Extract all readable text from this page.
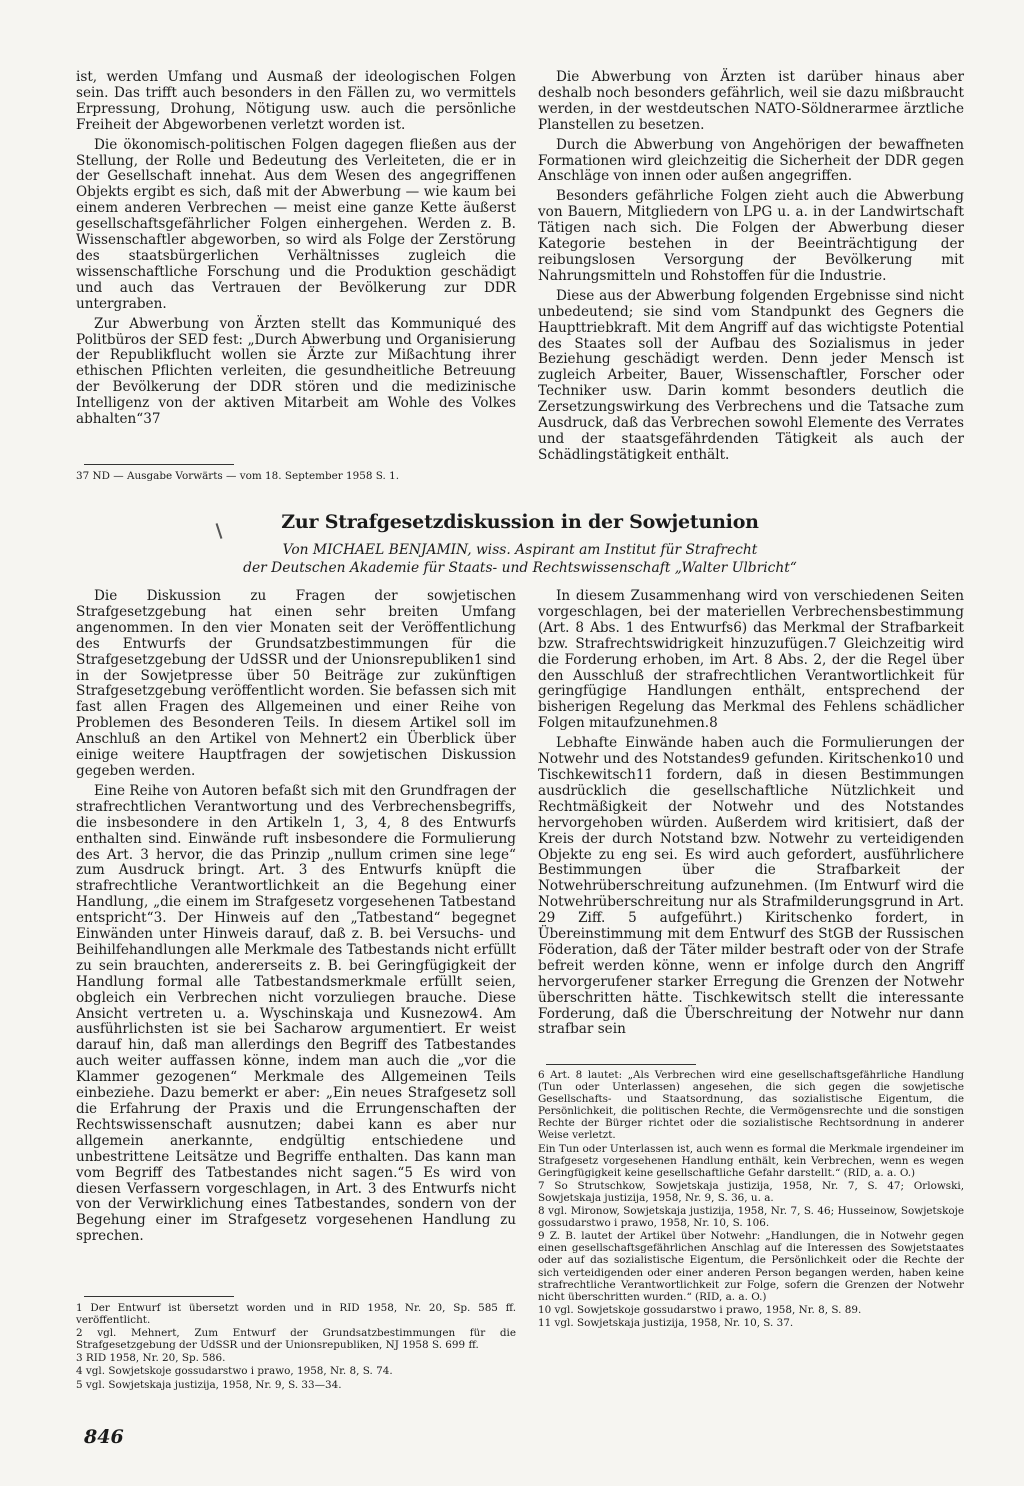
ist, werden Umfang und Ausmaß der ideologischen Folgen sein. Das trifft auch besonders in den Fällen zu, wo vermittels Erpressung, Drohung, Nötigung usw. auch die persönliche Freiheit der Abgeworbenen verletzt worden ist.

Die ökonomisch-politischen Folgen dagegen fließen aus der Stellung, der Rolle und Bedeutung des Verleiteten, die er in der Gesellschaft innehat. Aus dem Wesen des angegriffenen Objekts ergibt es sich, daß mit der Abwerbung — wie kaum bei einem anderen Verbrechen — meist eine ganze Kette äußerst gesellschaftsgefährlicher Folgen einhergehen. Werden z. B. Wissenschaftler abgeworben, so wird als Folge der Zerstörung des staatsbürgerlichen Verhältnisses zugleich die wissenschaftliche Forschung und die Produktion geschädigt und auch das Vertrauen der Bevölkerung zur DDR untergraben.

Zur Abwerbung von Ärzten stellt das Kommuniqué des Politbüros der SED fest: „Durch Abwerbung und Organisierung der Republikflucht wollen sie Ärzte zur Mißachtung ihrer ethischen Pflichten verleiten, die gesundheitliche Betreuung der Bevölkerung der DDR stören und die medizinische Intelligenz von der aktiven Mitarbeit am Wohle des Volkes abhalten“37

37 ND — Ausgabe Vorwärts — vom 18. September 1958 S. 1.

Die Abwerbung von Ärzten ist darüber hinaus aber deshalb noch besonders gefährlich, weil sie dazu mißbraucht werden, in der westdeutschen NATO-Söldnerarmee ärztliche Planstellen zu besetzen.

Durch die Abwerbung von Angehörigen der bewaffneten Formationen wird gleichzeitig die Sicherheit der DDR gegen Anschläge von innen oder außen angegriffen.

Besonders gefährliche Folgen zieht auch die Abwerbung von Bauern, Mitgliedern von LPG u. a. in der Landwirtschaft Tätigen nach sich. Die Folgen der Abwerbung dieser Kategorie bestehen in der Beeinträchtigung der reibungslosen Versorgung der Bevölkerung mit Nahrungsmitteln und Rohstoffen für die Industrie.

Diese aus der Abwerbung folgenden Ergebnisse sind nicht unbedeutend; sie sind vom Standpunkt des Gegners die Haupttriebkraft. Mit dem Angriff auf das wichtigste Potential des Staates soll der Aufbau des Sozialismus in jeder Beziehung geschädigt werden. Denn jeder Mensch ist zugleich Arbeiter, Bauer, Wissenschaftler, Forscher oder Techniker usw. Darin kommt besonders deutlich die Zersetzungswirkung des Verbrechens und die Tatsache zum Ausdruck, daß das Verbrechen sowohl Elemente des Verrates und der staatsgefährdenden Tätigkeit als auch der Schädlingstätigkeit enthält.

Zur Strafgesetzdiskussion in der Sowjetunion
Von MICHAEL BENJAMIN, wiss. Aspirant am Institut für Strafrecht
der Deutschen Akademie für Staats- und Rechtswissenschaft „Walter Ulbricht“

Die Diskussion zu Fragen der sowjetischen Strafgesetzgebung hat einen sehr breiten Umfang angenommen. In den vier Monaten seit der Veröffentlichung des Entwurfs der Grundsatzbestimmungen für die Strafgesetzgebung der UdSSR und der Unionsrepubliken1 sind in der Sowjetpresse über 50 Beiträge zur zukünftigen Strafgesetzgebung veröffentlicht worden. Sie befassen sich mit fast allen Fragen des Allgemeinen und einer Reihe von Problemen des Besonderen Teils. In diesem Artikel soll im Anschluß an den Artikel von Mehnert2 ein Überblick über einige weitere Hauptfragen der sowjetischen Diskussion gegeben werden.

Eine Reihe von Autoren befaßt sich mit den Grundfragen der strafrechtlichen Verantwortung und des Verbrechensbegriffs, die insbesondere in den Artikeln 1, 3, 4, 8 des Entwurfs enthalten sind. Einwände ruft insbesondere die Formulierung des Art. 3 hervor, die das Prinzip „nullum crimen sine lege“ zum Ausdruck bringt. Art. 3 des Entwurfs knüpft die strafrechtliche Verantwortlichkeit an die Begehung einer Handlung, „die einem im Strafgesetz vorgesehenen Tatbestand entspricht“3. Der Hinweis auf den „Tatbestand“ begegnet Einwänden unter Hinweis darauf, daß z. B. bei Versuchs- und Beihilfehandlungen alle Merkmale des Tatbestands nicht erfüllt zu sein brauchten, andererseits z. B. bei Geringfügigkeit der Handlung formal alle Tatbestandsmerkmale erfüllt seien, obgleich ein Verbrechen nicht vorzuliegen brauche. Diese Ansicht vertreten u. a. Wyschinskaja und Kusnezow4. Am ausführlichsten ist sie bei Sacharow argumentiert. Er weist darauf hin, daß man allerdings den Begriff des Tatbestandes auch weiter auffassen könne, indem man auch die „vor die Klammer gezogenen“ Merkmale des Allgemeinen Teils einbeziehe. Dazu bemerkt er aber: „Ein neues Strafgesetz soll die Erfahrung der Praxis und die Errungenschaften der Rechtswissenschaft ausnutzen; dabei kann es aber nur allgemein anerkannte, endgültig entschiedene und unbestrittene Leitsätze und Begriffe enthalten. Das kann man vom Begriff des Tatbestandes nicht sagen.“5 Es wird von diesen Verfassern vorgeschlagen, in Art. 3 des Entwurfs nicht von der Verwirklichung eines Tatbestandes, sondern von der Begehung einer im Strafgesetz vorgesehenen Handlung zu sprechen.

1 Der Entwurf ist übersetzt worden und in RID 1958, Nr. 20, Sp. 585 ff. veröffentlicht.

2 vgl. Mehnert, Zum Entwurf der Grundsatzbestimmungen für die Strafgesetzgebung der UdSSR und der Unionsrepubliken, NJ 1958 S. 699 ff.

3 RID 1958, Nr. 20, Sp. 586.

4 vgl. Sowjetskoje gossudarstwo i prawo, 1958, Nr. 8, S. 74.

5 vgl. Sowjetskaja justizija, 1958, Nr. 9, S. 33—34.

In diesem Zusammenhang wird von verschiedenen Seiten vorgeschlagen, bei der materiellen Verbrechensbestimmung (Art. 8 Abs. 1 des Entwurfs6) das Merkmal der Strafbarkeit bzw. Strafrechtswidrigkeit hinzuzufügen.7 Gleichzeitig wird die Forderung erhoben, im Art. 8 Abs. 2, der die Regel über den Ausschluß der strafrechtlichen Verantwortlichkeit für geringfügige Handlungen enthält, entsprechend der bisherigen Regelung das Merkmal des Fehlens schädlicher Folgen mitaufzunehmen.8

Lebhafte Einwände haben auch die Formulierungen der Notwehr und des Notstandes9 gefunden. Kiritschenko10 und Tischkewitsch11 fordern, daß in diesen Bestimmungen ausdrücklich die gesellschaftliche Nützlichkeit und Rechtmäßigkeit der Notwehr und des Notstandes hervorgehoben würden. Außerdem wird kritisiert, daß der Kreis der durch Notstand bzw. Notwehr zu verteidigenden Objekte zu eng sei. Es wird auch gefordert, ausführlichere Bestimmungen über die Strafbarkeit der Notwehrüberschreitung aufzunehmen. (Im Entwurf wird die Notwehrüberschreitung nur als Strafmilderungsgrund in Art. 29 Ziff. 5 aufgeführt.) Kiritschenko fordert, in Übereinstimmung mit dem Entwurf des StGB der Russischen Föderation, daß der Täter milder bestraft oder von der Strafe befreit werden könne, wenn er infolge durch den Angriff hervorgerufener starker Erregung die Grenzen der Notwehr überschritten hätte. Tischkewitsch stellt die interessante Forderung, daß die Überschreitung der Notwehr nur dann strafbar sein

6 Art. 8 lautet: „Als Verbrechen wird eine gesellschaftsgefährliche Handlung (Tun oder Unterlassen) angesehen, die sich gegen die sowjetische Gesellschafts- und Staatsordnung, das sozialistische Eigentum, die Persönlichkeit, die politischen Rechte, die Vermögensrechte und die sonstigen Rechte der Bürger richtet oder die sozialistische Rechtsordnung in anderer Weise verletzt.

Ein Tun oder Unterlassen ist, auch wenn es formal die Merkmale irgendeiner im Strafgesetz vorgesehenen Handlung enthält, kein Verbrechen, wenn es wegen Geringfügigkeit keine gesellschaftliche Gefahr darstellt.“ (RID, a. a. O.)

7 So Strutschkow, Sowjetskaja justizija, 1958, Nr. 7, S. 47; Orlowski, Sowjetskaja justizija, 1958, Nr. 9, S. 36, u. a.

8 vgl. Mironow, Sowjetskaja justizija, 1958, Nr. 7, S. 46; Husseinow, Sowjetskoje gossudarstwo i prawo, 1958, Nr. 10, S. 106.

9 Z. B. lautet der Artikel über Notwehr: „Handlungen, die in Notwehr gegen einen gesellschaftsgefährlichen Anschlag auf die Interessen des Sowjetstaates oder auf das sozialistische Eigentum, die Persönlichkeit oder die Rechte der sich verteidigenden oder einer anderen Person begangen werden, haben keine strafrechtliche Verantwortlichkeit zur Folge, sofern die Grenzen der Notwehr nicht überschritten wurden.“ (RID, a. a. O.)

10 vgl. Sowjetskoje gossudarstwo i prawo, 1958, Nr. 8, S. 89.

11 vgl. Sowjetskaja justizija, 1958, Nr. 10, S. 37.

846
